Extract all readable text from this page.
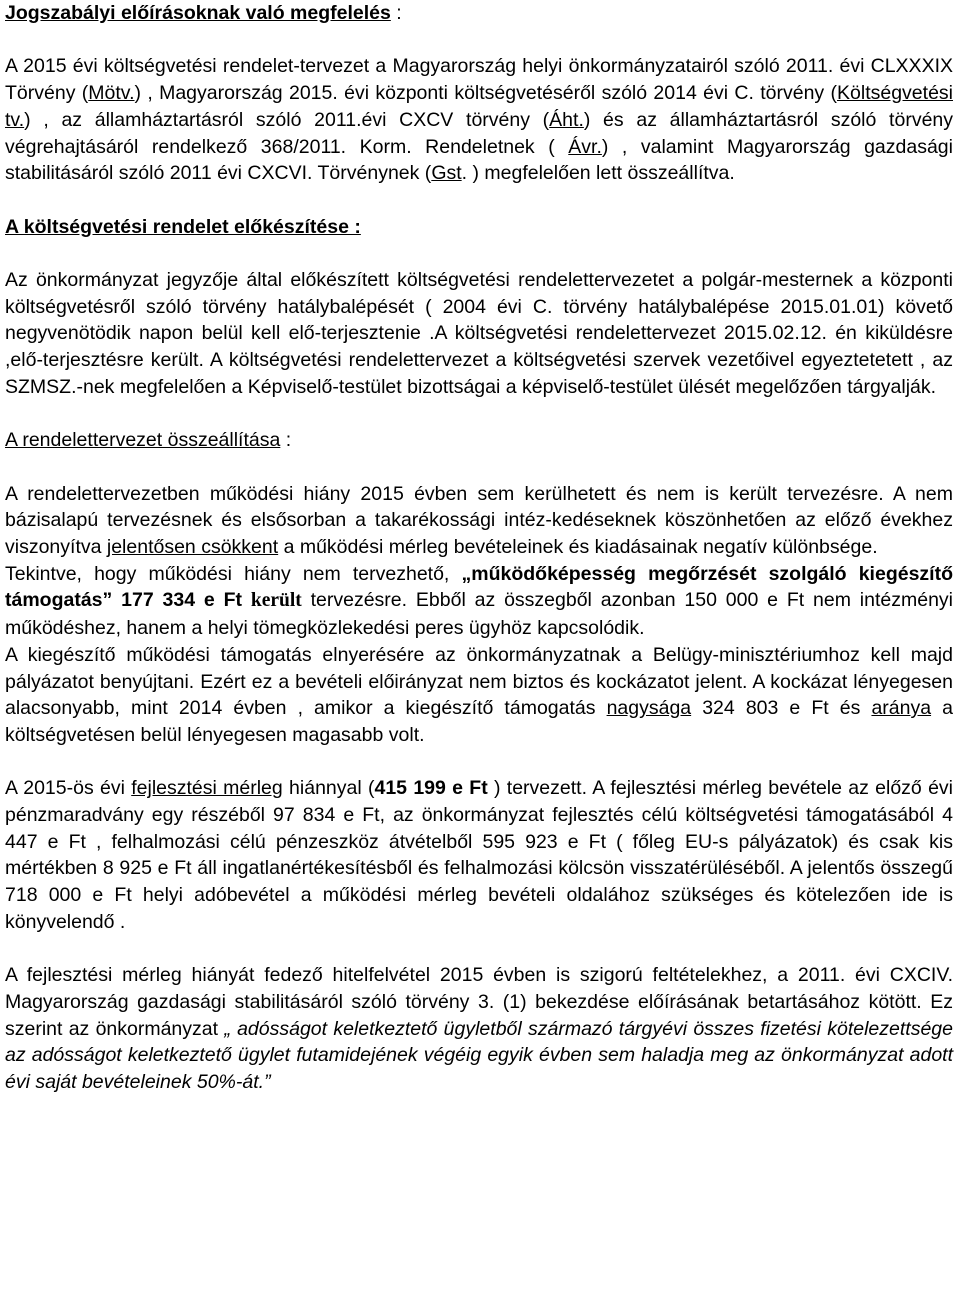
Jogszabályi előírásoknak való megfelelés :

A 2015 évi költségvetési rendelet-tervezet a Magyarország helyi önkormányzatairól szóló 2011. évi CLXXXIX Törvény (Mötv.) , Magyarország 2015. évi központi költségvetéséről szóló 2014 évi C. törvény (Költségvetési tv.) , az államháztartásról szóló 2011.évi CXCV törvény (Áht.) és az államháztartásról szóló törvény végrehajtásáról rendelkező 368/2011. Korm. Rendeletnek ( Ávr.) , valamint Magyarország gazdasági stabilitásáról szóló 2011 évi CXCVI. Törvénynek (Gst. ) megfelelően lett összeállítva.

A költségvetési rendelet előkészítése :

Az önkormányzat jegyzője által előkészített költségvetési rendelettervezetet a polgár-mesternek a központi költségvetésről szóló törvény hatálybalépését ( 2004 évi C. törvény hatálybalépése 2015.01.01) követő negyvenötödik napon belül kell elő-terjesztenie .A költségvetési rendelettervezet 2015.02.12. én kiküldésre ,elő-terjesztésre került. A költségvetési rendelettervezet a költségvetési szervek vezetőivel egyeztetetett , az SZMSZ.-nek megfelelően a Képviselő-testület bizottságai a képviselő-testület ülését megelőzően tárgyalják.

A rendelettervezet összeállítása :

A rendelettervezetben működési hiány 2015 évben sem kerülhetett és nem is került tervezésre. A nem bázisalapú tervezésnek és elsősorban a takarékossági intéz-kedéseknek köszönhetően az előző évekhez viszonyítva jelentősen csökkent a működési mérleg bevételeinek és kiadásainak negatív különbsége.

Tekintve, hogy működési hiány nem tervezhető, „működőképesség megőrzését szolgáló kiegészítő támogatás” 177 334 e Ft került tervezésre. Ebből az összegből azonban 150 000 e Ft nem intézményi működéshez, hanem a helyi tömegközlekedési peres ügyhöz kapcsolódik.

A kiegészítő működési támogatás elnyerésére az önkormányzatnak a Belügy-minisztériumhoz kell majd pályázatot benyújtani. Ezért ez a bevételi előirányzat nem biztos és kockázatot jelent. A kockázat lényegesen alacsonyabb, mint 2014 évben , amikor a kiegészítő támogatás nagysága 324 803 e Ft és aránya a költségvetésen belül lényegesen magasabb volt.

A 2015-ös évi fejlesztési mérleg hiánnyal (415 199 e Ft ) tervezett. A fejlesztési mérleg bevétele az előző évi pénzmaradvány egy részéből 97 834 e Ft, az önkormányzat fejlesztés célú költségvetési támogatásából 4 447 e Ft , felhalmozási célú pénzeszköz átvételből 595 923 e Ft ( főleg EU-s pályázatok) és csak kis mértékben 8 925 e Ft áll ingatlanértékesítésből és felhalmozási kölcsön visszatérüléséből. A jelentős összegű 718 000 e Ft helyi adóbevétel a működési mérleg bevételi oldalához szükséges és kötelezően ide is könyvelendő .

A fejlesztési mérleg hiányát fedező hitelfelvétel 2015 évben is szigorú feltételekhez, a 2011. évi CXCIV. Magyarország gazdasági stabilitásáról szóló törvény 3. (1) bekezdése előírásának betartásához kötött. Ez szerint az önkormányzat „ adósságot keletkeztető ügyletből származó tárgyévi összes fizetési kötelezettsége az adósságot keletkeztető ügylet futamidejének végéig egyik évben sem haladja meg az önkormányzat adott évi saját bevételeinek 50%-át.”
